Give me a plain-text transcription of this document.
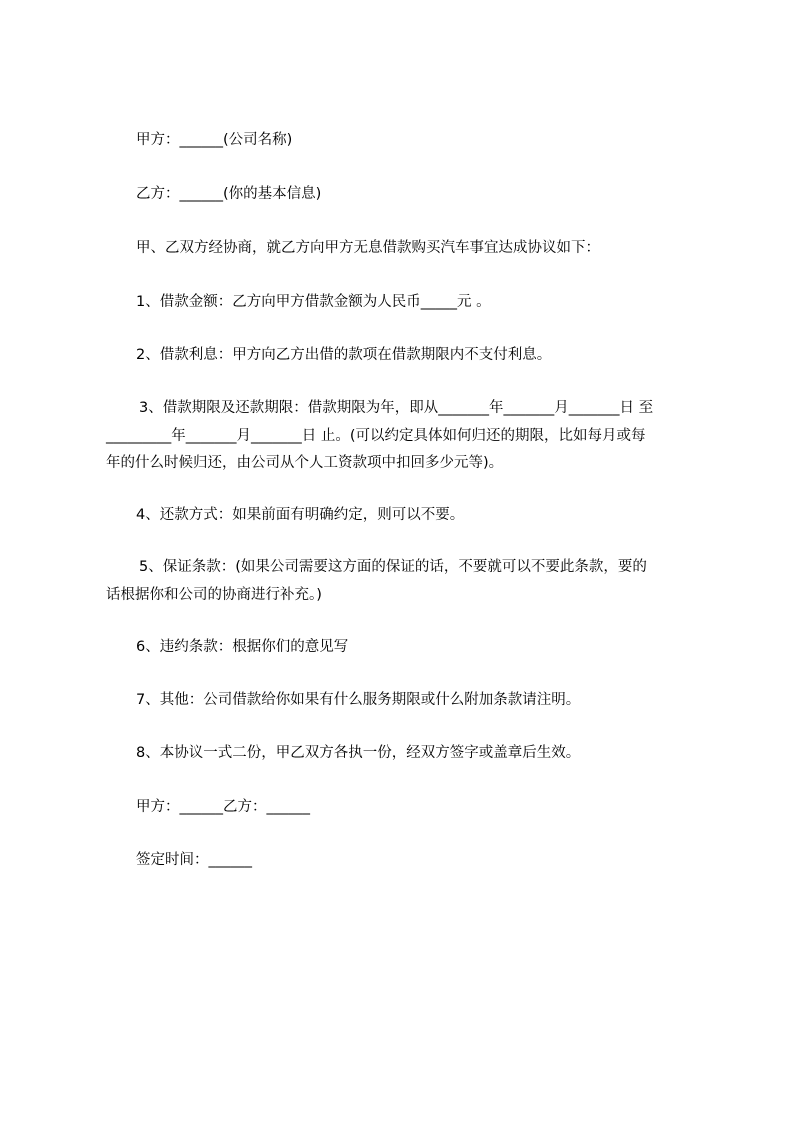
甲方：______(公司名称)
乙方：______(你的基本信息)
甲、乙双方经协商，就乙方向甲方无息借款购买汽车事宜达成协议如下：
1、借款金额：乙方向甲方借款金额为人民币_____元 。
2、借款利息：甲方向乙方出借的款项在借款期限内不支付利息。
3、借款期限及还款期限：借款期限为年，即从_______年_______月_______日 至
_________年_______月_______日 止。(可以约定具体如何归还的期限，比如每月或每
年的什么时候归还，由公司从个人工资款项中扣回多少元等)。
4、还款方式：如果前面有明确约定，则可以不要。
5、保证条款：(如果公司需要这方面的保证的话，不要就可以不要此条款，要的
话根据你和公司的协商进行补充。)
6、违约条款：根据你们的意见写
7、其他：公司借款给你如果有什么服务期限或什么附加条款请注明。
8、本协议一式二份，甲乙双方各执一份，经双方签字或盖章后生效。
甲方：______乙方：______
签定时间：______
